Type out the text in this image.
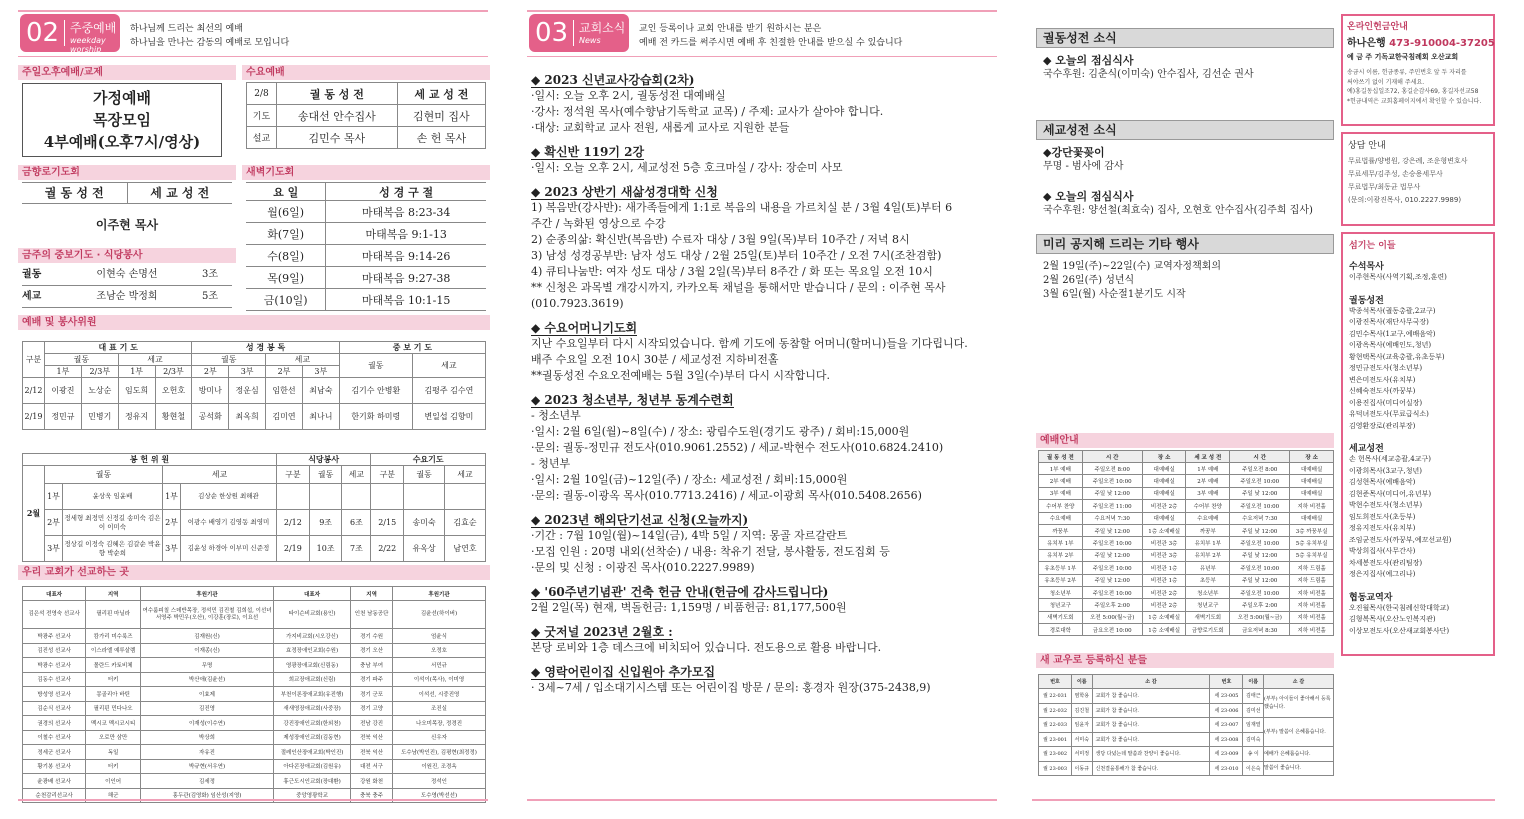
02 주중예배
weekday worship
하나님께 드리는 최선의 예배
하나님을 만나는 감동의 예배로 모입니다
주일오후예배/교제
가정예배
목장모임
4부예배(오후7시/영상)
수요예배
2/8	궐 동 성 전	세 교 성 전
기도	송대선 안수집사	김현미 집사
설교	김민수 목사	손 헌 목사
금향로기도회
궐 동 성 전	세 교 성 전
이주현 목사
새벽기도회
요 일	성 경 구 절
월(6일)	마태복음 8:23-34
화(7일)	마태복음 9:1-13
수(8일)	마태복음 9:14-26
목(9일)	마태복음 9:27-38
금(10일)	마태복음 10:1-15
금주의 중보기도 · 식당봉사
궐동	이현숙 손명선	3조
세교	조남순 박정희	5조
예배 및 봉사위원
구분	대 표 기 도				성 경 봉 독				중 보 기 도	
	궐동		세교		궐동		세교		궐동	세교
	1부	2/3부	1부	2/3부	2부	3부	2부	3부		
2/12	이광진	노상순	임도희	오헌호	방미나	정운심	임한선	최남숙	김기수 안병환	김평주 김수연
2/19	정민규	민병기	정유지	황현철	공석화	최옥희	김미연	최나니	한기화 하미령	변일섭 김향미
봉 헌 위 원					식당봉사			수요기도		
2월	궐동		세교		구분	궐동	세교	구분	궐동	세교
	1부	윤상욱 임윤배	1부	김상순 한상원 최해관						
	2부	정세형 최정민 신정길 송미숙 김은이 이미숙	2부	이광수 배영기 김영동 최영미	2/12	9조	6조	2/15	송미숙	김효순
	3부	정상길 이정숙 김혜은 김갈순 박윤향 박순희	3부	김윤성 하경아 이부미 신준정	2/19	10조	7조	2/22	유옥상	남연호
우리 교회가 선교하는 곳
대표자	지역	후원기관	대표자	지역	후원기관
김은석 전영숙 선교사	필리핀 마닐라	여수룸피칠 스데반목장, 정석민 김진철 김희섭, 이선녀 서영주 박민우(오산), 이강훈(장로), 이요선	타이슨비교회(용인)	인천 남동공단	김윤선(하이버)
박광주 선교사	캄가리 미수룩즈	김재원(신)	가지비교회(시오강신)	경기 수원	엄윤식
김진성 선교사	이스라엘 예루살렘	이재종(신)	효정장애인교회(수원)	경기 오산	오정호
박광수 선교사	몰란드 카토비체	무명	영광장애교회(신림동)	충남 부여	서민규
김동수 선교사	터키	박산애(김윤선)	희교장애교회(신림)	경기 파주	이석이(목사), 이미영
방성영 선교사	몽골리아 바틴	이효제	부천이론장애교회(유진행)	경기 군포	이석선, 시중진영
김순식 선교사	필리핀 민다나오	김진영	새새영장애교회(사중장)	경기 고양	조진실
권경의 선교사	멕시코 멕시코시티	이재성(이수연)	강진장애인교회(한외천)	전남 강진	나오미목장, 정경진
이철수 선교사	오로만 삼만	박상희	제성장애인교회(김동현)	전북 익산	신우자
정세군 선교사	독일	자유진	절레인산장애교회(박인진)	전북 익산	도수남(박인진), 김평현(최정정)
황기봉 선교사	터키	박규현(서우연)	아다콘장애교회(김원유)	대전 서구	이원진, 조경옥
윤광배 선교사	이인어	김세정	휴근도시인교회(장대환)	강원 화천	정석인
순천감리선교사	해군	홍두관(김영화) 임산성(지영)	중앙영광학교	충북 충주	도수영(박선선)
03 교회소식
News
교인 등록이나 교회 안내를 받기 원하시는 분은
예배 전 카드를 써주시면 예배 후 친절한 안내를 받으실 수 있습니다
◆ 2023 신년교사강습회(2차)

·일시: 오늘 오후 2시, 궐동성전 대예배실

·강사: 정석원 목사(예수향남기독학교 교목) / 주제: 교사가 살아야 합니다.

·대상: 교회학교 교사 전원, 새롭게 교사로 지원한 분들

◆ 확신반 119기 2강

·일시: 오늘 오후 2시, 세교성전 5층 호크마실 / 강사: 장순미 사모

◆ 2023 상반기 새삶성경대학 신청

1) 복음반(강사반): 새가족들에게 1:1로 복음의 내용을 가르치실 분 / 3월 4일(토)부터 6

주간 / 녹화된 영상으로 수강

2) 순종의삶: 확신반(복음반) 수료자 대상 / 3월 9일(목)부터 10주간 / 저녁 8시

3) 남성 성경공부반: 남자 성도 대상 / 2월 25일(토)부터 10주간 / 오전 7시(조찬겸함)

4) 큐티나눔반: 여자 성도 대상 / 3월 2일(목)부터 8주간 / 화 또는 목요일 오전 10시

** 신청은 과목별 개강시까지, 카카오톡 채널을 통해서만 받습니다 / 문의 : 이주현 목사

(010.7923.3619)

◆ 수요어머니기도회

지난 수요일부터 다시 시작되었습니다. 함께 기도에 동참할 어머니(할머니)들을 기다립니다.

배주 수요일 오전 10시 30분 / 세교성전 지하비전홀

**궐동성전 수요오전예배는 5월 3일(수)부터 다시 시작합니다.

◆ 2023 청소년부, 청년부 동계수련회

- 청소년부

·일시: 2월 6일(월)~8일(수) / 장소: 광림수도원(경기도 광주) / 회비:15,000원

·문의: 궐동-정민규 전도사(010.9061.2552) / 세교-박현수 전도사(010.6824.2410)

- 청년부

·일시: 2월 10일(금)~12일(주) / 장소: 세교성전 / 회비:15,000원

·문의: 궐동-이광옥 목사(010.7713.2416) / 세교-이광희 목사(010.5408.2656)

◆ 2023년 해외단기선교 신청(오늘까지)

·기간 : 7월 10일(월)~14일(금), 4박 5일 / 지역: 몽골 자르갈란트

·모집 인원 : 20명 내외(선착순) / 내용: 착유기 전달, 봉사활동, 전도집회 등

·문의 및 신청 : 이광진 목사(010.2227.9989)

◆ '60주년기념관' 건축 헌금 안내(헌금에 감사드립니다)

2월 2일(목) 현재, 벽돌헌금: 1,159명 / 비품헌금: 81,177,500원

◆ 굿저널 2023년 2월호 :

본당 로비와 1층 데스크에 비치되어 있습니다. 전도용으로 활용 바랍니다.

◆ 영락어린이집 신입원아 추가모집

· 3세~7세 / 입소대기시스템 또는 어린이집 방문 / 문의: 홍경자 원장(375-2438,9)

궐동성전 소식
◆ 오늘의 점심식사

국수후원: 김춘식(이미숙) 안수집사, 김선순 권사

세교성전 소식
◆강단꽃꽂이

무명 - 범사에 감사

◆ 오늘의 점심식사

국수후원: 양선철(최효숙) 집사, 오현호 안수집사(김주희 집사)

미리 공지해 드리는 기타 행사

2월 19일(주)~22일(수) 교역자정책회의

2월 26일(주) 성년식

3월 6일(월) 사순절1분기도 시작

예배안내
궐 동 성 전	시 간	장 소	세 교 성 전	시 간	장 소
1부 예배	주일오전 8:00	대예배실	1부 예배	주일오전 8:00	대예배실
2부 예배	주일오전 10:00	대예배실	2부 예배	주일오전 10:00	대예배실
3부 예배	주일 낮 12:00	대예배실	3부 예배	주일 낮 12:00	대예배실
수어부 찬양	주일오전 11:00	비전관 2층	수어부 찬양	주일오전 10:00	지하 비전홀
수요예배	수요저녁 7:30	대예배실	수요예배	수요저녁 7:30	대예배실
까꿍부	주일 낮 12:00	1층 소예배실	까꿍부	주일 낮 12:00	3층 까꿍부실
유치부 1부	주일오전 10:00	비전관 3층	유치부 1부	주일오전 10:00	5층 유치부실
유치부 2부	주일 낮 12:00	비전관 3층	유치부 2부	주일 낮 12:00	5층 유치부실
유초등부 1부	주일오전 10:00	비전관 1층	유년부	주일오전 10:00	지하 드림홀
유초등부 2부	주일 낮 12:00	비전관 1층	초등부	주일 낮 12:00	지하 드림홀
청소년부	주일오전 10:00	비전관 2층	청소년부	주일오전 10:00	지하 비전홀
청년교구	주일오후 2:00	비전관 2층	청년교구	주일오후 2:00	지하 비전홀
새벽기도회	오전 5:00(월~금)	1층 소예배실	새벽기도회	오전 5:00(월~금)	지하 비전홀
경로대학	금요오전 10:00	1층 소예배실	금향로기도회	금요저녁 8:30	지하 비전홀
새 교우로 등록하신 분들
번호	이름	소 감	번호	이름	소 감
궐 22-031	염학용	교회가 참 좋습니다.	세 23-005	김태근	(부부) 아이들이 좋아해서 등록했습니다.
궐 22-032	김진철	교회가 참 좋습니다.	세 23-006	김미선	
궐 22-033	임윤자	교회가 참 좋습니다.	세 23-007	임재열	(부부) 말씀이 은혜롭습니다.
궐 23-001	서미숙	교회가 참 좋습니다.	세 23-008	김미숙	
궐 23-002	서미정	생당 다녔는데 말씀과 찬양이 좋습니다.	세 23-009	송 이	예배가 은혜롭습니다.
궐 23-003	이동규	신천결을통해가 참 좋습니다.	세 23-010	이은숙	말씀이 좋습니다.
온라인헌금안내
하나은행 473-910004-37205
예 금 주 기독교한국침례회 오산교회
송금시 이름, 헌금종류, 주민번호 앞 두 자리를
써야쓰기 없이 기재해 주세요.
예)홍길동십일조72, 홍길순감사69, 홍길자선교58
*헌금내역은 교회홈페이지에서 확인할 수 있습니다.
상담 안내
무료법률/양병원, 강은례, 조운형변호사
무료세무/김주성, 손승용세무사
무료법무/최동균 법무사
(문의:이광진목사, 010.2227.9989)
섬기는 이들
수석목사

이주현목사(사역기획,조정,훈련)

궐동성전

박종석목사(궐동총괄,2교구)

이광진목사(재단사무국장)

김민수목사(1교구,예배음악)

이광옥목사(예배인도,청년)

황현택목사(교육총괄,유초등부)

정민규전도사(청소년부)

변은미전도사(유치부)

신혜숙전도사(까꿍부)

이용진집사(미디어실장)

유덕녀전도사(무료급식소)

김영환장로(관리부장)

세교성전

손 헌목사(세교총괄,4교구)

이광희목사(3교구,청년)

김성현목사(예배음악)

김현준목사(미디어,유년부)

박현수전도사(청소년부)

임도희전도사(초등부)

정유지전도사(유치부)

조임균전도사(까꿍부,예꼬선교원)

박상희집사(사무간사)

차세봉전도사(관리팀장)

정은지집사(예그리나)

협동교역자

오진월목사(한국침례신학대학교)

김형복목사(오산노인복지관)

이상모전도사(오산새교회봉사단)
